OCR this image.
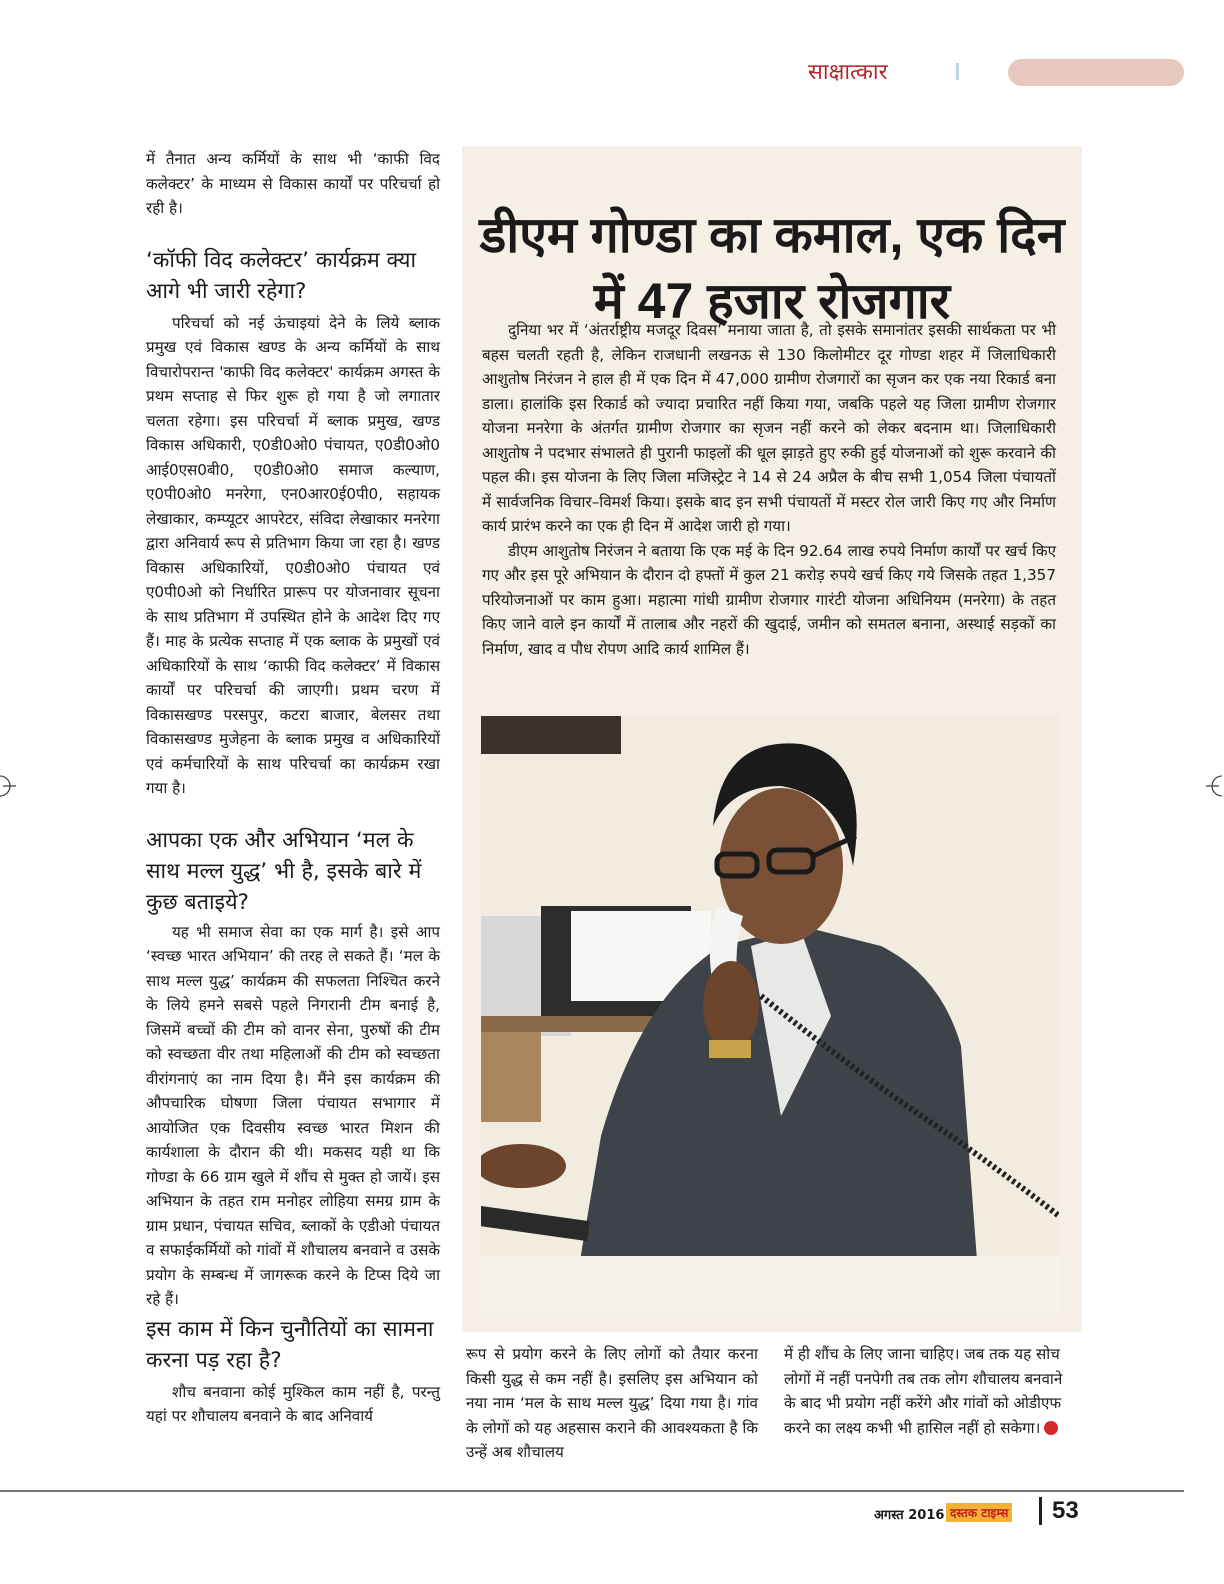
साक्षात्कार

में तैनात अन्य कर्मियों के साथ भी ‘काफी विद कलेक्टर’ के माध्यम से विकास कार्यों पर परिचर्चा हो रही है।

‘कॉफी विद कलेक्टर’ कार्यक्रम क्या आगे भी जारी रहेगा?

परिचर्चा को नई ऊंचाइयां देने के लिये ब्लाक प्रमुख एवं विकास खण्ड के अन्य कर्मियों के साथ विचारोपरान्त 'काफी विद कलेक्टर' कार्यक्रम अगस्त के प्रथम सप्ताह से फिर शुरू हो गया है जो लगातार चलता रहेगा। इस परिचर्चा में ब्लाक प्रमुख, खण्ड विकास अधिकारी, ए0डी0ओ0 पंचायत, ए0डी0ओ0 आई0एस0बी0, ए0डी0ओ0 समाज कल्याण, ए0पी0ओ0 मनरेगा, एन0आर0ई0पी0, सहायक लेखाकार, कम्प्यूटर आपरेटर, संविदा लेखाकार मनरेगा द्वारा अनिवार्य रूप से प्रतिभाग किया जा रहा है। खण्ड विकास अधिकारियों, ए0डी0ओ0 पंचायत एवं ए0पी0ओ को निर्धारित प्रारूप पर योजनावार सूचना के साथ प्रतिभाग में उपस्थित होने के आदेश दिए गए हैं। माह के प्रत्येक सप्ताह में एक ब्लाक के प्रमुखों एवं अधिकारियों के साथ ‘काफी विद कलेक्टर’ में विकास कार्यों पर परिचर्चा की जाएगी। प्रथम चरण में विकासखण्ड परसपुर, कटरा बाजार, बेलसर तथा विकासखण्ड मुजेहना के ब्लाक प्रमुख व अधिकारियों एवं कर्मचारियों के साथ परिचर्चा का कार्यक्रम रखा गया है।

आपका एक और अभियान ‘मल के साथ मल्ल युद्ध’ भी है, इसके बारे में कुछ बताइये?

यह भी समाज सेवा का एक मार्ग है। इसे आप ‘स्वच्छ भारत अभियान’ की तरह ले सकते हैं। ‘मल के साथ मल्ल युद्ध’ कार्यक्रम की सफलता निश्चित करने के लिये हमने सबसे पहले निगरानी टीम बनाई है, जिसमें बच्चों की टीम को वानर सेना, पुरुषों की टीम को स्वच्छता वीर तथा महिलाओं की टीम को स्वच्छता वीरांगनाएं का नाम दिया है। मैंने इस कार्यक्रम की औपचारिक घोषणा जिला पंचायत सभागार में आयोजित एक दिवसीय स्वच्छ भारत मिशन की कार्यशाला के दौरान की थी। मकसद यही था कि गोण्डा के 66 ग्राम खुले में शौंच से मुक्त हो जायें। इस अभियान के तहत राम मनोहर लोहिया समग्र ग्राम के ग्राम प्रधान, पंचायत सचिव, ब्लाकों के एडीओ पंचायत व सफाईकर्मियों को गांवों में शौचालय बनवाने व उसके प्रयोग के सम्बन्ध में जागरूक करने के टिप्स दिये जा रहे हैं।

इस काम में किन चुनौतियों का सामना करना पड़ रहा है?

शौच बनवाना कोई मुश्किल काम नहीं है, परन्तु यहां पर शौचालय बनवाने के बाद अनिवार्य

डीएम गोण्डा का कमाल, एक दिन में 47 हजार रोजगार

दुनिया भर में ‘अंतर्राष्ट्रीय मजदूर दिवस’ मनाया जाता है, तो इसके समानांतर इसकी सार्थकता पर भी बहस चलती रहती है, लेकिन राजधानी लखनऊ से 130 किलोमीटर दूर गोण्डा शहर में जिलाधिकारी आशुतोष निरंजन ने हाल ही में एक दिन में 47,000 ग्रामीण रोजगारों का सृजन कर एक नया रिकार्ड बना डाला। हालांकि इस रिकार्ड को ज्यादा प्रचारित नहीं किया गया, जबकि पहले यह जिला ग्रामीण रोजगार योजना मनरेगा के अंतर्गत ग्रामीण रोजगार का सृजन नहीं करने को लेकर बदनाम था। जिलाधिकारी आशुतोष ने पदभार संभालते ही पुरानी फाइलों की धूल झाड़ते हुए रुकी हुई योजनाओं को शुरू करवाने की पहल की। इस योजना के लिए जिला मजिस्ट्रेट ने 14 से 24 अप्रैल के बीच सभी 1,054 जिला पंचायतों में सार्वजनिक विचार–विमर्श किया। इसके बाद इन सभी पंचायतों में मस्टर रोल जारी किए गए और निर्माण कार्य प्रारंभ करने का एक ही दिन में आदेश जारी हो गया।

डीएम आशुतोष निरंजन ने बताया कि एक मई के दिन 92.64 लाख रुपये निर्माण कार्यों पर खर्च किए गए और इस पूरे अभियान के दौरान दो हफ्तों में कुल 21 करोड़ रुपये खर्च किए गये जिसके तहत 1,357 परियोजनाओं पर काम हुआ। महात्मा गांधी ग्रामीण रोजगार गारंटी योजना अधिनियम (मनरेगा) के तहत किए जाने वाले इन कार्यों में तालाब और नहरों की खुदाई, जमीन को समतल बनाना, अस्थाई सड़कों का निर्माण, खाद व पौध रोपण आदि कार्य शामिल हैं।

रूप से प्रयोग करने के लिए लोगों को तैयार करना किसी युद्ध से कम नहीं है। इसलिए इस अभियान को नया नाम ‘मल के साथ मल्ल युद्ध’ दिया गया है। गांव के लोगों को यह अहसास कराने की आवश्यकता है कि उन्हें अब शौचालय

में ही शौंच के लिए जाना चाहिए। जब तक यह सोच लोगों में नहीं पनपेगी तब तक लोग शौचालय बनवाने के बाद भी प्रयोग नहीं करेंगे और गांवों को ओडीएफ करने का लक्ष्य कभी भी हासिल नहीं हो सकेगा।

अगस्त 2016 दस्तक टाइम्स 53
